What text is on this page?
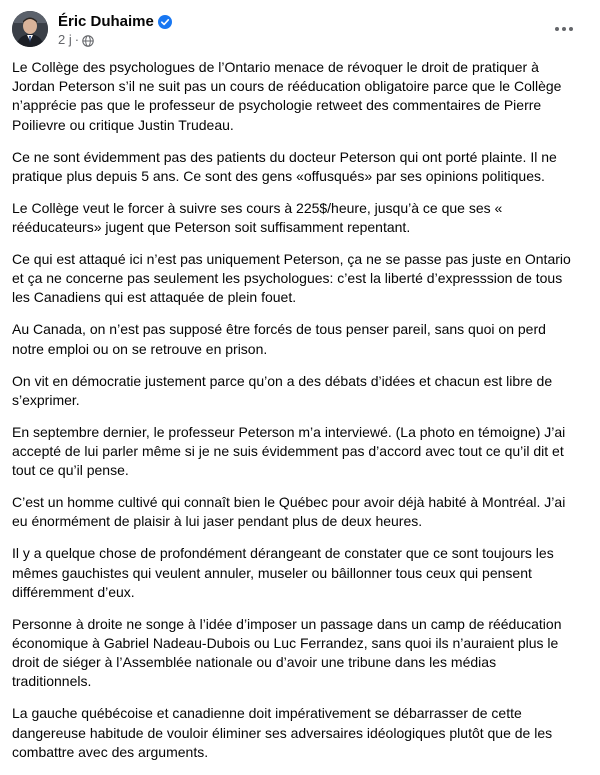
Éric Duhaime
2 j ·

Le Collège des psychologues de l’Ontario menace de révoquer le droit de pratiquer à Jordan Peterson s’il ne suit pas un cours de rééducation obligatoire parce que le Collège n’apprécie pas que le professeur de psychologie retweet des commentaires de Pierre Poilievre ou critique Justin Trudeau.

Ce ne sont évidemment pas des patients du docteur Peterson qui ont porté plainte. Il ne pratique plus depuis 5 ans. Ce sont des gens «offusqués» par ses opinions politiques.

Le Collège veut le forcer à suivre ses cours à 225$/heure, jusqu’à ce que ses « rééducateurs» jugent que Peterson soit suffisamment repentant.

Ce qui est attaqué ici n’est pas uniquement Peterson, ça ne se passe pas juste en Ontario et ça ne concerne pas seulement les psychologues: c’est la liberté d’expresssion de tous les Canadiens qui est attaquée de plein fouet.

Au Canada, on n’est pas supposé être forcés de tous penser pareil, sans quoi on perd notre emploi ou on se retrouve en prison.

On vit en démocratie justement parce qu’on a des débats d’idées et chacun est libre de s’exprimer.

En septembre dernier, le professeur Peterson m’a interviewé. (La photo en témoigne) J’ai accepté de lui parler même si je ne suis évidemment pas d’accord avec tout ce qu’il dit et tout ce qu’il pense.

C’est un homme cultivé qui connaît bien le Québec pour avoir déjà habité à Montréal. J’ai eu énormément de plaisir à lui jaser pendant plus de deux heures.

Il y a quelque chose de profondément dérangeant de constater que ce sont toujours les mêmes gauchistes qui veulent annuler, museler ou bâillonner tous ceux qui pensent différemment d’eux.

Personne à droite ne songe à l’idée d’imposer un passage dans un camp de rééducation économique à Gabriel Nadeau-Dubois ou Luc Ferrandez, sans quoi ils n’auraient plus le droit de siéger à l’Assemblée nationale ou d’avoir une tribune dans les médias traditionnels.

La gauche québécoise et canadienne doit impérativement se débarrasser de cette dangereuse habitude de vouloir éliminer ses adversaires idéologiques plutôt que de les combattre avec des arguments.
